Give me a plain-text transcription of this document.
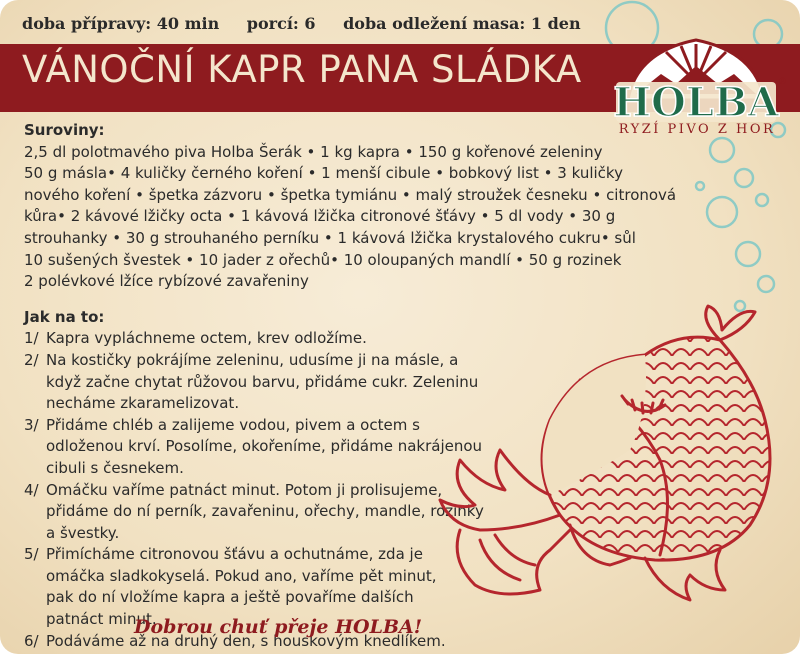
doba přípravy: 40 min porcí: 6 doba odležení masa: 1 den
VÁNOČNÍ KAPR PANA SLÁDKA
HOLBA ®
RYZÍ PIVO Z HOR
Suroviny:
2,5 dl polotmavého piva Holba Šerák • 1 kg kapra • 150 g kořenové zeleniny
50 g másla• 4 kuličky černého koření • 1 menší cibule • bobkový list • 3 kuličky
nového koření • špetka zázvoru • špetka tymiánu • malý stroužek česneku • citronová
kůra• 2 kávové lžičky octa • 1 kávová lžička citronové šťávy • 5 dl vody • 30 g
strouhanky • 30 g strouhaného perníku • 1 kávová lžička krystalového cukru• sůl
10 sušených švestek • 10 jader z ořechů• 10 oloupaných mandlí • 50 g rozinek
2 polévkové lžíce rybízové zavařeniny
Jak na to:
1/ Kapra vypláchneme octem, krev odložíme.
2/ Na kostičky pokrájíme zeleninu, udusíme ji na másle, a když začne chytat růžovou barvu, přidáme cukr. Zeleninu necháme zkaramelizovat.
3/ Přidáme chléb a zalijeme vodou, pivem a octem s odloženou krví. Posolíme, okořeníme, přidáme nakrájenou cibuli s česnekem.
4/ Omáčku vaříme patnáct minut. Potom ji prolisujeme, přidáme do ní perník, zavařeninu, ořechy, mandle, rozinky a švestky.
5/ Přimícháme citronovou šťávu a ochutnáme, zda je omáčka sladkokyselá. Pokud ano, vaříme pět minut, pak do ní vložíme kapra a ještě povaříme dalších patnáct minut.
6/ Podáváme až na druhý den, s houskovým knedlíkem.
Dobrou chuť přeje HOLBA!
